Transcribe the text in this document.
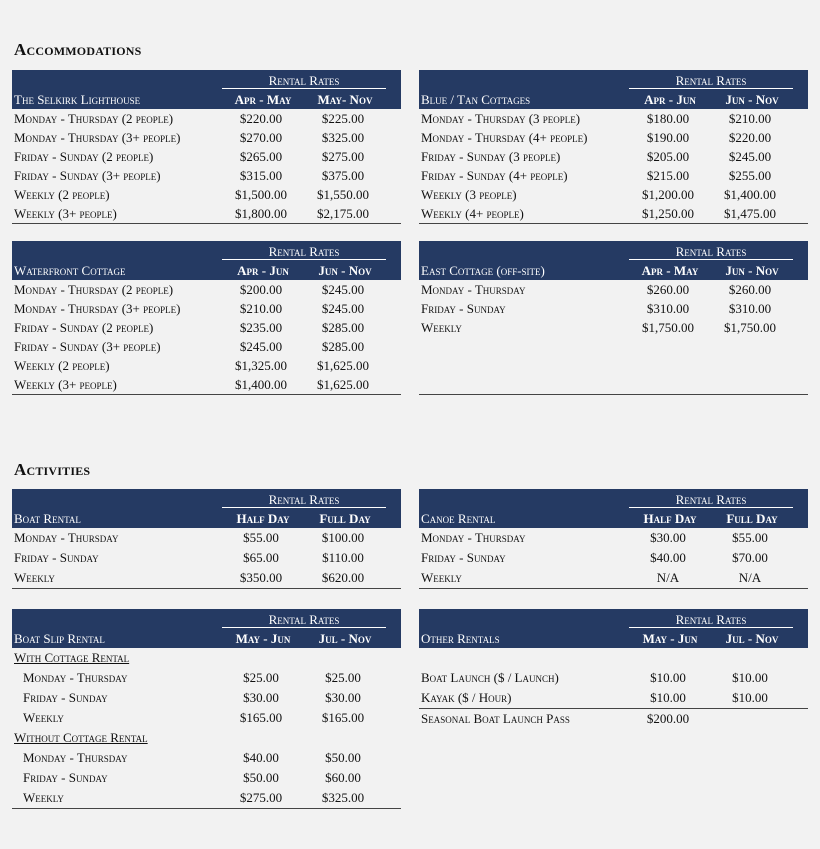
Accommodations
Activities
Rental Rates
The Selkirk Lighthouse	Apr - May	May- Nov
Monday - Thursday (2 people)	$220.00	$225.00
Monday - Thursday (3+ people)	$270.00	$325.00
Friday - Sunday (2 people)	$265.00	$275.00
Friday - Sunday (3+ people)	$315.00	$375.00
Weekly (2 people)	$1,500.00	$1,550.00
Weekly (3+ people)	$1,800.00	$2,175.00
Rental Rates
Blue / Tan Cottages	Apr - Jun	Jun - Nov
Monday - Thursday (3 people)	$180.00	$210.00
Monday - Thursday (4+ people)	$190.00	$220.00
Friday - Sunday (3 people)	$205.00	$245.00
Friday - Sunday (4+ people)	$215.00	$255.00
Weekly (3 people)	$1,200.00	$1,400.00
Weekly (4+ people)	$1,250.00	$1,475.00
Rental Rates
Waterfront Cottage	Apr - Jun	Jun - Nov
Monday - Thursday (2 people)	$200.00	$245.00
Monday - Thursday (3+ people)	$210.00	$245.00
Friday - Sunday (2 people)	$235.00	$285.00
Friday - Sunday (3+ people)	$245.00	$285.00
Weekly (2 people)	$1,325.00	$1,625.00
Weekly (3+ people)	$1,400.00	$1,625.00
Rental Rates
East Cottage (off-site)	Apr - May	Jun - Nov
Monday - Thursday	$260.00	$260.00
Friday - Sunday	$310.00	$310.00
Weekly	$1,750.00	$1,750.00
Rental Rates
Boat Rental	Half Day	Full Day
Monday - Thursday	$55.00	$100.00
Friday - Sunday	$65.00	$110.00
Weekly	$350.00	$620.00
Rental Rates
Canoe Rental	Half Day	Full Day
Monday - Thursday	$30.00	$55.00
Friday - Sunday	$40.00	$70.00
Weekly	N/A	N/A
Rental Rates
Boat Slip Rental	May - Jun	Jul - Nov
With Cottage Rental
Monday - Thursday	$25.00	$25.00
Friday - Sunday	$30.00	$30.00
Weekly	$165.00	$165.00
Without Cottage Rental
Monday - Thursday	$40.00	$50.00
Friday - Sunday	$50.00	$60.00
Weekly	$275.00	$325.00
Rental Rates
Other Rentals	May - Jun	Jul - Nov
Boat Launch ($ / Launch)	$10.00	$10.00
Kayak ($ / Hour)	$10.00	$10.00
Seasonal Boat Launch Pass	$200.00
